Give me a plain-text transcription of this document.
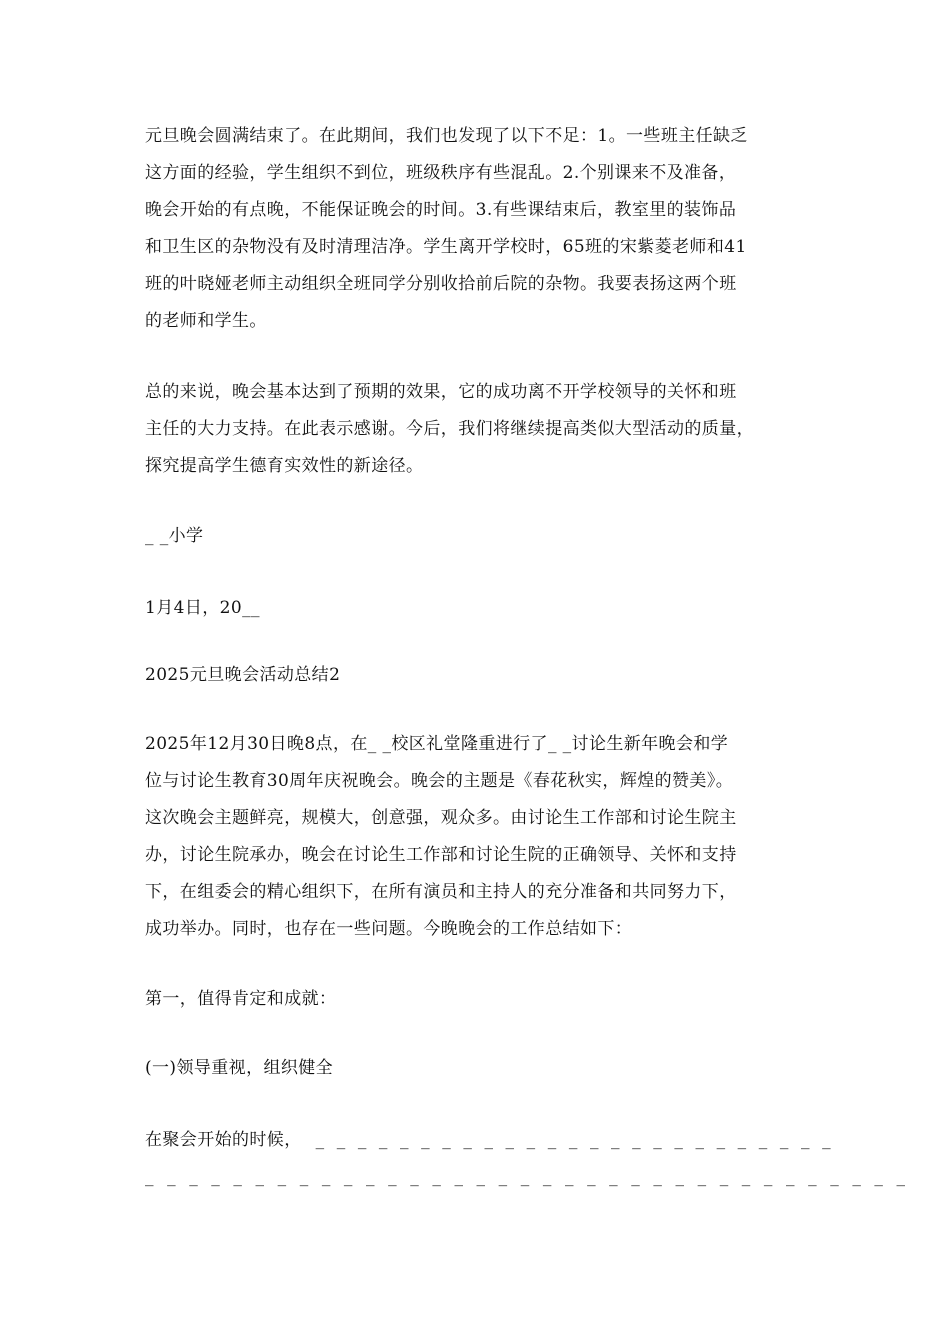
元旦晚会圆满结束了。在此期间，我们也发现了以下不足：1。一些班主任缺乏
这方面的经验，学生组织不到位，班级秩序有些混乱。2.个别课来不及准备，
晚会开始的有点晚，不能保证晚会的时间。3.有些课结束后，教室里的装饰品
和卫生区的杂物没有及时清理洁净。学生离开学校时，65班的宋紫菱老师和41
班的叶晓娅老师主动组织全班同学分别收拾前后院的杂物。我要表扬这两个班
的老师和学生。
总的来说，晚会基本达到了预期的效果，它的成功离不开学校领导的关怀和班
主任的大力支持。在此表示感谢。今后，我们将继续提高类似大型活动的质量，
探究提高学生德育实效性的新途径。
_ _小学
1月4日，20__
2025元旦晚会活动总结2
2025年12月30日晚8点，在_ _校区礼堂隆重进行了_ _讨论生新年晚会和学
位与讨论生教育30周年庆祝晚会。晚会的主题是《春花秋实，辉煌的赞美》。
这次晚会主题鲜亮，规模大，创意强，观众多。由讨论生工作部和讨论生院主
办，讨论生院承办，晚会在讨论生工作部和讨论生院的正确领导、关怀和支持
下，在组委会的精心组织下，在所有演员和主持人的充分准备和共同努力下，
成功举办。同时，也存在一些问题。今晚晚会的工作总结如下：
第一，值得肯定和成就：
(一)领导重视，组织健全
在聚会开始的时候， _ _ _ _ _ _ _ _ _ _ _ _ _ _ _ _ _ _ _ _ _ _ _ _ _
_ _ _ _ _ _ _ _ _ _ _ _ _ _ _ _ _ _ _ _ _ _ _ _ _ _ _ _ _ _ _ _ _ _ _
